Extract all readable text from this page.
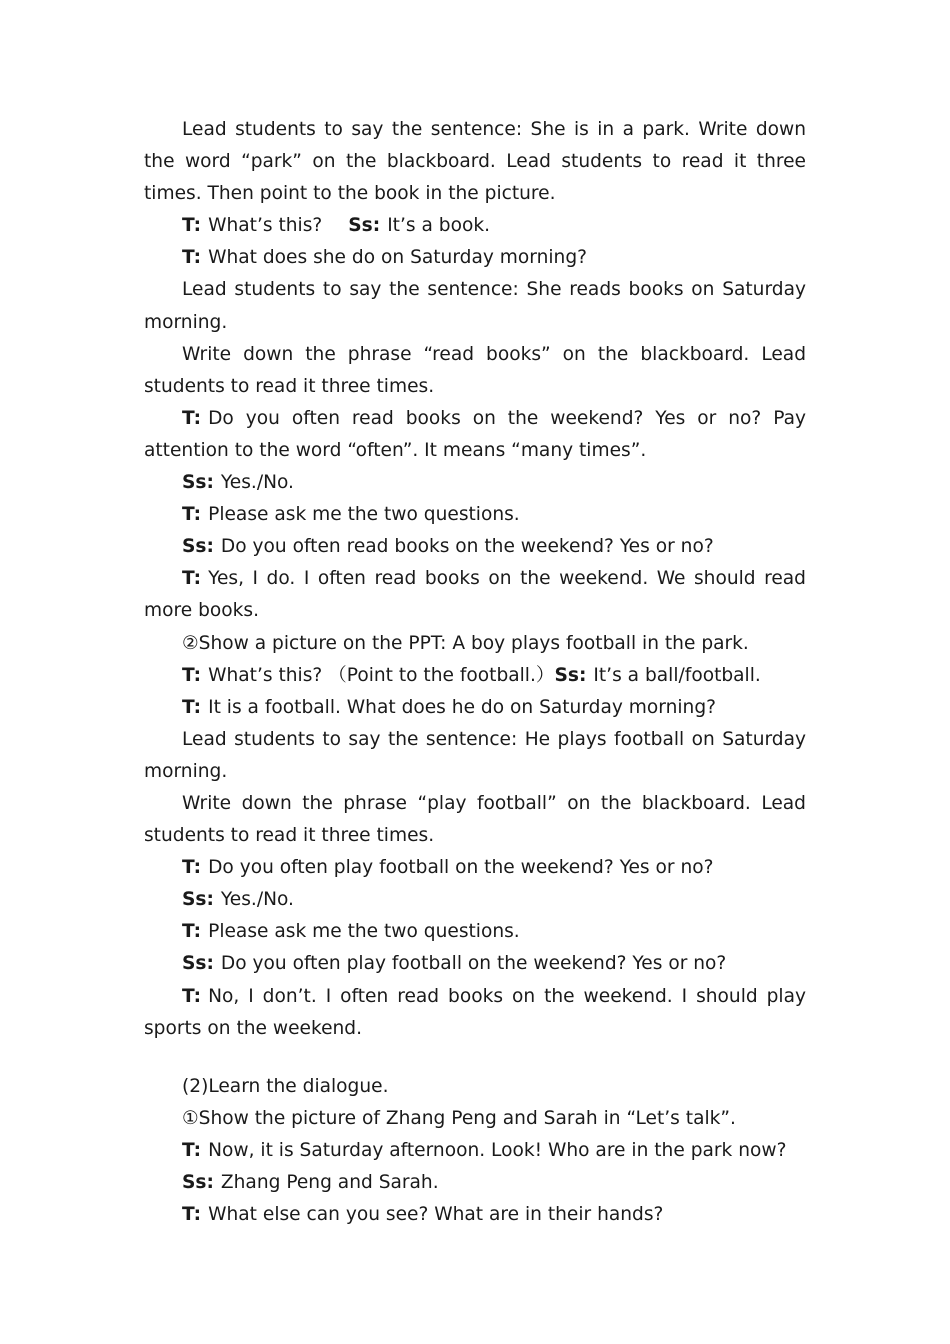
Lead students to say the sentence: She is in a park. Write down the word “park” on the blackboard. Lead students to read it three times. Then point to the book in the picture.

T: What’s this? Ss: It’s a book.

T: What does she do on Saturday morning?

Lead students to say the sentence: She reads books on Saturday morning.

Write down the phrase “read books” on the blackboard. Lead students to read it three times.

T: Do you often read books on the weekend? Yes or no? Pay attention to the word “often”. It means “many times”.

Ss: Yes./No.

T: Please ask me the two questions.

Ss: Do you often read books on the weekend? Yes or no?

T: Yes, I do. I often read books on the weekend. We should read more books.

②Show a picture on the PPT: A boy plays football in the park.

T: What’s this? （Point to the football.）Ss: It’s a ball/football.

T: It is a football. What does he do on Saturday morning?

Lead students to say the sentence: He plays football on Saturday morning.

Write down the phrase “play football” on the blackboard. Lead students to read it three times.

T: Do you often play football on the weekend? Yes or no?

Ss: Yes./No.

T: Please ask me the two questions.

Ss: Do you often play football on the weekend? Yes or no?

T: No, I don’t. I often read books on the weekend. I should play sports on the weekend.

(2)Learn the dialogue.

①Show the picture of Zhang Peng and Sarah in “Let’s talk”.

T: Now, it is Saturday afternoon. Look! Who are in the park now?

Ss: Zhang Peng and Sarah.

T: What else can you see? What are in their hands?
